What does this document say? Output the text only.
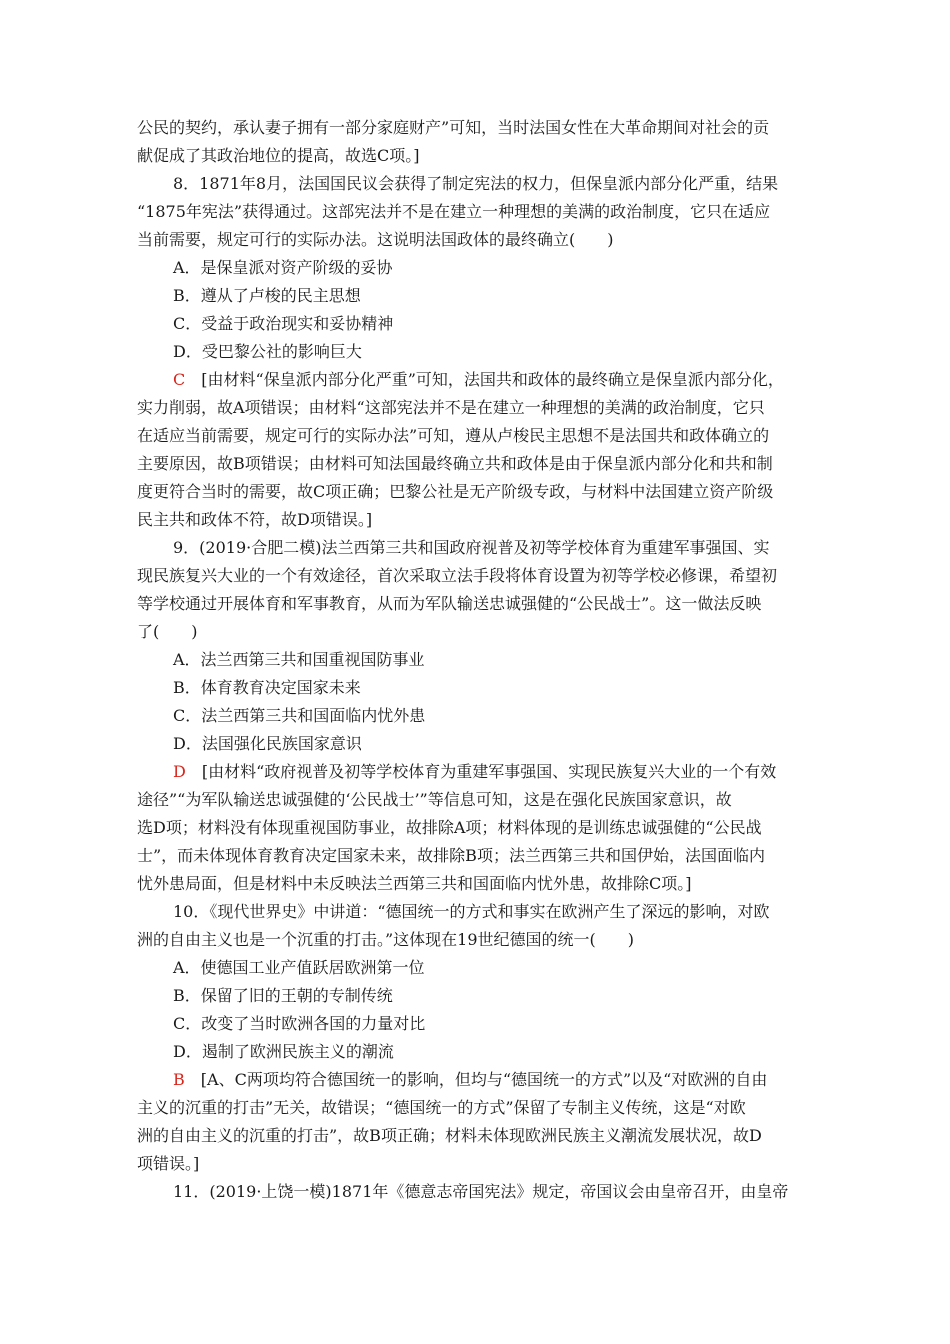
公民的契约，承认妻子拥有一部分家庭财产”可知，当时法国女性在大革命期间对社会的贡
献促成了其政治地位的提高，故选C项。]

8．1871年8月，法国国民议会获得了制定宪法的权力，但保皇派内部分化严重，结果
“1875年宪法”获得通过。这部宪法并不是在建立一种理想的美满的政治制度，它只在适应
当前需要，规定可行的实际办法。这说明法国政体的最终确立(　　)

A．是保皇派对资产阶级的妥协

B．遵从了卢梭的民主思想

C．受益于政治现实和妥协精神

D．受巴黎公社的影响巨大

C　 [由材料“保皇派内部分化严重”可知，法国共和政体的最终确立是保皇派内部分化，
实力削弱，故A项错误；由材料“这部宪法并不是在建立一种理想的美满的政治制度，它只
在适应当前需要，规定可行的实际办法”可知，遵从卢梭民主思想不是法国共和政体确立的
主要原因，故B项错误；由材料可知法国最终确立共和政体是由于保皇派内部分化和共和制
度更符合当时的需要，故C项正确；巴黎公社是无产阶级专政，与材料中法国建立资产阶级
民主共和政体不符，故D项错误。]

9．(2019·合肥二模)法兰西第三共和国政府视普及初等学校体育为重建军事强国、实
现民族复兴大业的一个有效途径，首次采取立法手段将体育设置为初等学校必修课，希望初
等学校通过开展体育和军事教育，从而为军队输送忠诚强健的“公民战士”。这一做法反映
了(　　)

A．法兰西第三共和国重视国防事业

B．体育教育决定国家未来

C．法兰西第三共和国面临内忧外患

D．法国强化民族国家意识

D　 [由材料“政府视普及初等学校体育为重建军事强国、实现民族复兴大业的一个有效
途径”“为军队输送忠诚强健的‘公民战士’”等信息可知，这是在强化民族国家意识，故
选D项；材料没有体现重视国防事业，故排除A项；材料体现的是训练忠诚强健的“公民战
士”，而未体现体育教育决定国家未来，故排除B项；法兰西第三共和国伊始，法国面临内
忧外患局面，但是材料中未反映法兰西第三共和国面临内忧外患，故排除C项。]

10．《现代世界史》中讲道：“德国统一的方式和事实在欧洲产生了深远的影响，对欧
洲的自由主义也是一个沉重的打击。”这体现在19世纪德国的统一(　　)

A．使德国工业产值跃居欧洲第一位

B．保留了旧的王朝的专制传统

C．改变了当时欧洲各国的力量对比

D．遏制了欧洲民族主义的潮流

B　 [A、C两项均符合德国统一的影响，但均与“德国统一的方式”以及“对欧洲的自由
主义的沉重的打击”无关，故错误；“德国统一的方式”保留了专制主义传统，这是“对欧
洲的自由主义的沉重的打击”，故B项正确；材料未体现欧洲民族主义潮流发展状况，故D
项错误。]

11．(2019·上饶一模)1871年《德意志帝国宪法》规定，帝国议会由皇帝召开，由皇帝
